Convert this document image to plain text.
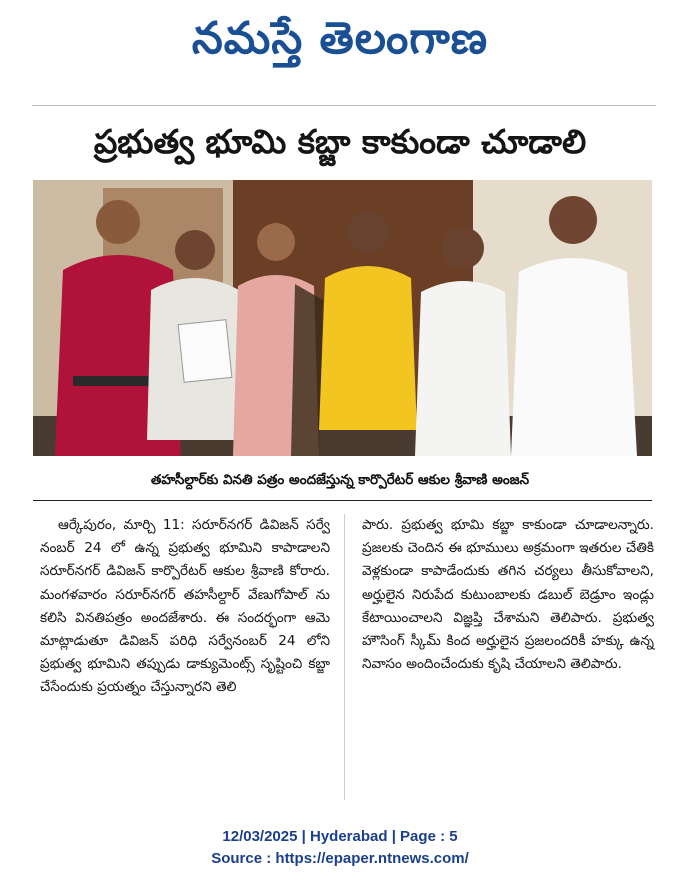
నమస్తే తెలంగాణ
ప్రభుత్వ భూమి కబ్జా కాకుండా చూడాలి
తహసీల్దార్‌కు వినతి పత్రం అందజేస్తున్న కార్పొరేటర్ ఆకుల శ్రీవాణి అంజన్
ఆర్కేపురం, మార్చి 11: సరూర్‌నగర్ డివిజన్ సర్వే నంబర్ 24 లో ఉన్న ప్రభుత్వ భూమిని కాపాడాలని సరూర్‌నగర్ డివిజన్ కార్పొరేటర్ ఆకుల శ్రీవాణి కోరారు. మంగళవారం సరూర్‌నగర్ తహసీల్దార్ వేణుగోపాల్ ను కలిసి వినతిపత్రం అందజేశారు. ఈ సందర్భంగా ఆమె మాట్లాడుతూ డివిజన్ పరిధి సర్వేనంబర్ 24 లోని ప్రభుత్వ భూమిని తప్పుడు డాక్యుమెంట్స్ సృష్టించి కబ్జా చేసేందుకు ప్రయత్నం చేస్తున్నారని తెలి
పారు. ప్రభుత్వ భూమి కబ్జా కాకుండా చూడాలన్నారు. ప్రజలకు చెందిన ఈ భూములు అక్రమంగా ఇతరుల చేతికి వెళ్లకుండా కాపాడేందుకు తగిన చర్యలు తీసుకోవాలని, అర్హులైన నిరుపేద కుటుంబాలకు డబుల్ బెడ్రూం ఇండ్లు కేటాయించాలని విజ్ఞప్తి చేశామని తెలిపారు. ప్రభుత్వ హౌసింగ్ స్కీమ్ కింద అర్హులైన ప్రజలందరికీ హక్కు ఉన్న నివాసం అందించేందుకు కృషి చేయాలని తెలిపారు.
12/03/2025 | Hyderabad | Page : 5
Source : https://epaper.ntnews.com/
